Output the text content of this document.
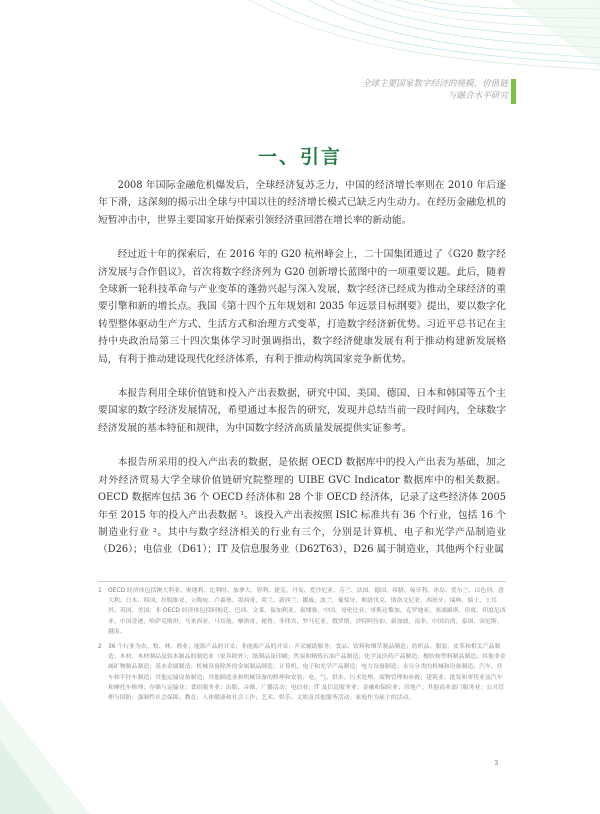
全球主要国家数字经济的规模、价值链
与融合水平研究
一、引言

2008 年国际金融危机爆发后，全球经济复苏乏力，中国的经济增长率则在 2010 年后逐年下滑，这深刻的揭示出全球与中国以往的经济增长模式已缺乏内生动力。在经历金融危机的短暂冲击中，世界主要国家开始探索引领经济重回潜在增长率的新动能。

经过近十年的探索后，在 2016 年的 G20 杭州峰会上，二十国集团通过了《G20 数字经济发展与合作倡议》，首次将数字经济列为 G20 创新增长蓝图中的一项重要议题。此后，随着全球新一轮科技革命与产业变革的蓬勃兴起与深入发展，数字经济已经成为推动全球经济的重要引擎和新的增长点。我国《第十四个五年规划和 2035 年远景目标纲要》提出，要以数字化转型整体驱动生产方式、生活方式和治理方式变革，打造数字经济新优势。习近平总书记在主持中央政治局第三十四次集体学习时强调指出，数字经济健康发展有利于推动构建新发展格局，有利于推动建设现代化经济体系，有利于推动构筑国家竞争新优势。

本报告利用全球价值链和投入产出表数据，研究中国、美国、德国、日本和韩国等五个主要国家的数字经济发展情况，希望通过本报告的研究，发现并总结当前一段时间内，全球数字经济发展的基本特征和规律，为中国数字经济高质量发展提供实证参考。

本报告所采用的投入产出表的数据，是依据 OECD 数据库中的投入产出表为基础，加之对外经济贸易大学全球价值链研究院整理的 UIBE GVC Indicator 数据库中的相关数据。OECD 数据库包括 36 个 OECD 经济体和 28 个非 OECD 经济体，记录了这些经济体 2005 年至 2015 年的投入产出表数据 ¹。该投入产出表按照 ISIC 标准共有 36 个行业，包括 16 个制造业行业 ²。其中与数字经济相关的行业有三个，分别是计算机、电子和光学产品制造业（D26）；电信业（D61）；IT 及信息服务业（D62T63），D26 属于制造业，其他两个行业属

1	OECD 经济体包括澳大利亚、奥地利、比利时、加拿大、智利、捷克、丹麦、爱沙尼亚、芬兰、法国、德国、希腊、匈牙利、冰岛、爱尔兰、以色列、意大利、日本、韩国、拉脱维亚、立陶宛、卢森堡、墨西哥、荷兰、新西兰、挪威、波兰、葡萄牙、斯洛伐克、斯洛文尼亚、西班牙、瑞典、瑞士、土耳其、英国、美国；非 OECD 经济体包括阿根廷、巴西、文莱、保加利亚、柬埔寨、中国、哥伦比亚、哥斯达黎加、克罗地亚、塞浦路斯、印度、印度尼西亚、中国香港、哈萨克斯坦、马来西亚、马耳他、摩洛哥、秘鲁、菲律宾、罗马尼亚、俄罗斯、沙特阿拉伯、新加坡、南非、中国台湾、泰国、突尼斯、越南。
2	36 个行业为农、牧、林、渔业；能源产品的开采；非能源产品的开采；开采辅助服务；食品、饮料和烟草制品制造；纺织品、服装、皮革和相关产品制造；木材、木材制品及软木制品的制造业（家具除外）；纸制品及印刷；焦炭和精炼石油产品制造；化学及医药产品制造；橡胶和塑料制品制造；其他非金属矿物制品制造；基本金属制造；机械设备除外的金属制品制造；计算机、电子和光学产品制造；电力设备制造；未另分类的机械和设备制造；汽车、挂车和半挂车制造；其他运输设备制造；其他制造业和机械设备的修理和安装；电、气、供水、污水处理、废物管理和补救；建筑业；批发和零售业及汽车和摩托车修理；存储与运输业；食宿服务业；出版、音像、广播活动；电信业；IT 及信息服务业；金融和保险业；房地产；其他商业部门服务业；公共管理与国防；强制性社会保障；教育；人体健康和社会工作；艺术、娱乐、文娱及其他服务活动；家庭作为雇主的活动。
3
